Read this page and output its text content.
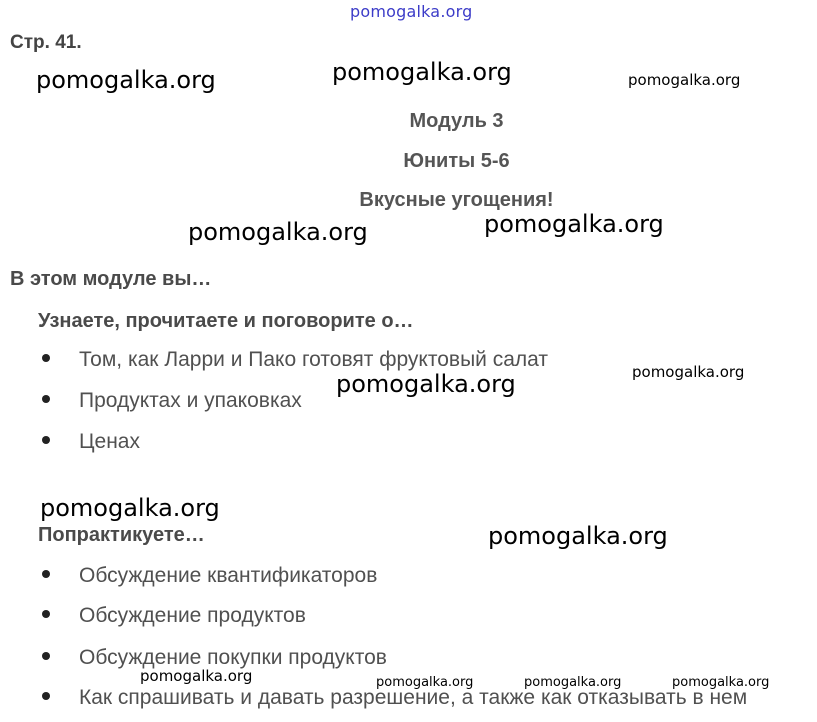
pomogalka.org
Стр. 41.
Модуль 3
Юниты 5-6
Вкусные угощения!
В этом модуле вы…
Узнаете, прочитаете и поговорите о…
Том, как Ларри и Пако готовят фруктовый салат
Продуктах и упаковках
Ценах
Попрактикуете…
Обсуждение квантификаторов
Обсуждение продуктов
Обсуждение покупки продуктов
Как спрашивать и давать разрешение, а также как отказывать в нем
pomogalka.org	pomogalka.org	pomogalka.org
pomogalka.org	pomogalka.org
pomogalka.org	pomogalka.org
pomogalka.org
pomogalka.org
pomogalka.org	pomogalka.org	pomogalka.org	pomogalka.org
